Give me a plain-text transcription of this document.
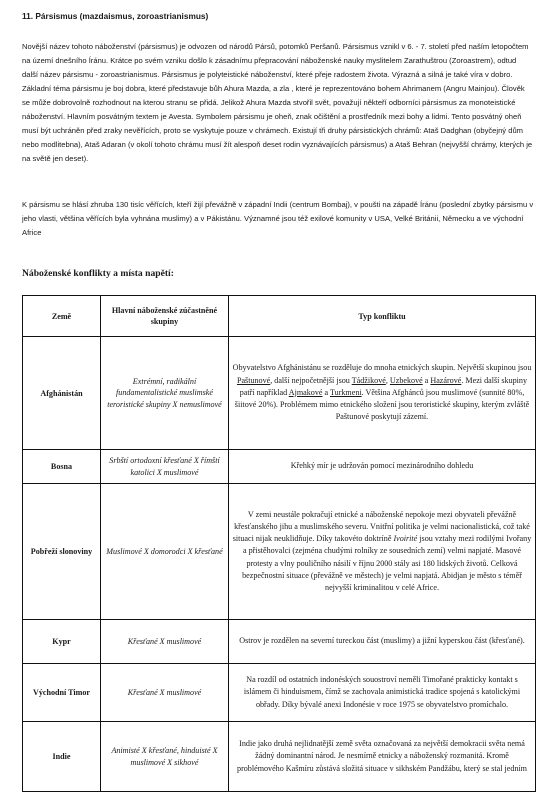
11. Pársismus (mazdaismus, zoroastrianismus)

Novější název tohoto náboženství (pársismus) je odvozen od národů Pársů, potomků Peršanů. Pársismus vznikl v 6. - 7. století před naším letopočtem na území dnešního Íránu. Krátce po svém vzniku došlo k zásadnímu přepracování náboženské nauky myslitelem Zarathuštrou (Zoroastrem), odtud další název pársismu - zoroastrianismus. Pársismus je polyteistické náboženství, které přeje radostem života. Výrazná a silná je také víra v dobro. Základní téma pársismu je boj dobra, které představuje bůh Ahura Mazda, a zla , které je reprezentováno bohem Ahrimanem (Angru Mainjou). Člověk se může dobrovolně rozhodnout na kterou stranu se přidá. Jelikož Ahura Mazda stvořil svět, považují někteří odborníci pársismus za monoteistické náboženství. Hlavním posvátným textem je Avesta. Symbolem pársismu je oheň, znak očištění a prostředník mezi bohy a lidmi. Tento posvátný oheň musí být uchráněn před zraky nevěřících, proto se vyskytuje pouze v chrámech. Existují tři druhy pársistických chrámů: Ataš Dadghan (obyčejný dům nebo modlitebna), Ataš Adaran (v okolí tohoto chrámu musí žít alespoň deset rodin vyznávajících pársismus) a Ataš Behran (nejvyšší chrámy, kterých je na světě jen deset).

K pársismu se hlásí zhruba 130 tisíc věřících, kteří žijí převážně v západní Indii (centrum Bombaj), v poušti na západě Íránu (poslední zbytky pársismu v jeho vlasti, většina věřících byla vyhnána muslimy) a v Pákistánu. Významné jsou též exilové komunity v USA, Velké Británii, Německu a ve východní Africe

Náboženské konflikty a místa napětí:
Země	Hlavní náboženské zúčastněné skupiny	Typ konfliktu
Afghánistán	Extrémní, radikální fundamentalistické muslimské teroristické skupiny X nemuslimové	Obyvatelstvo Afghánistánu se rozděluje do mnoha etnických skupin. Největší skupinou jsou Paštunové, další nejpočetnější jsou Tádžikové, Uzbekové a Hazárové. Mezi další skupiny patří například Ajmakové a Turkmeni. Většina Afghánců jsou muslimové (sunnité 80%, šiitové 20%). Problémem mimo etnického složení jsou teroristické skupiny, kterým zvláště Paštunové poskytují zázemí.
Bosna	Srbští ortodoxní křesťané X římští katolici X muslimové	Křehký mír je udržován pomocí mezinárodního dohledu
Pobřeží slonoviny	Muslimové X domorodci X křesťané	V zemi neustále pokračují etnické a náboženské nepokoje mezi obyvateli převážně křesťanského jihu a muslimského severu. Vnitřní politika je velmi nacionalistická, což také situaci nijak neuklidňuje. Díky takovéto doktríně Ivoirité jsou vztahy mezi rodilými Ivořany a přistěhovalci (zejména chudými rolníky ze sousedních zemí) velmi napjaté. Masové protesty a vlny pouličního násilí v říjnu 2000 stály asi 180 lidských životů. Celková bezpečnostní situace (převážně ve městech) je velmi napjatá. Abidjan je město s téměř nejvyšší kriminalitou v celé Africe.
Kypr	Křesťané X muslimové	Ostrov je rozdělen na severní tureckou část (muslimy) a jižní kyperskou část (křesťané).
Východní Timor	Křesťané X muslimové	Na rozdíl od ostatních indonéských souostroví neměli Timořané prakticky kontakt s islámem či hinduismem, čímž se zachovala animistická tradice spojená s katolickými obřady. Díky bývalé anexi Indonésie v roce 1975 se obyvatelstvo promíchalo.
Indie	Animisté X křesťané, hinduisté X muslimové X sikhové	Indie jako druhá nejlidnatější země světa označovaná za největší demokracii světa nemá žádný dominantní národ. Je nesmírně etnicky a náboženský rozmanitá. Kromě problémového Kašmíru zůstává složitá situace v sikhském Pandžábu, který se stal jedním
